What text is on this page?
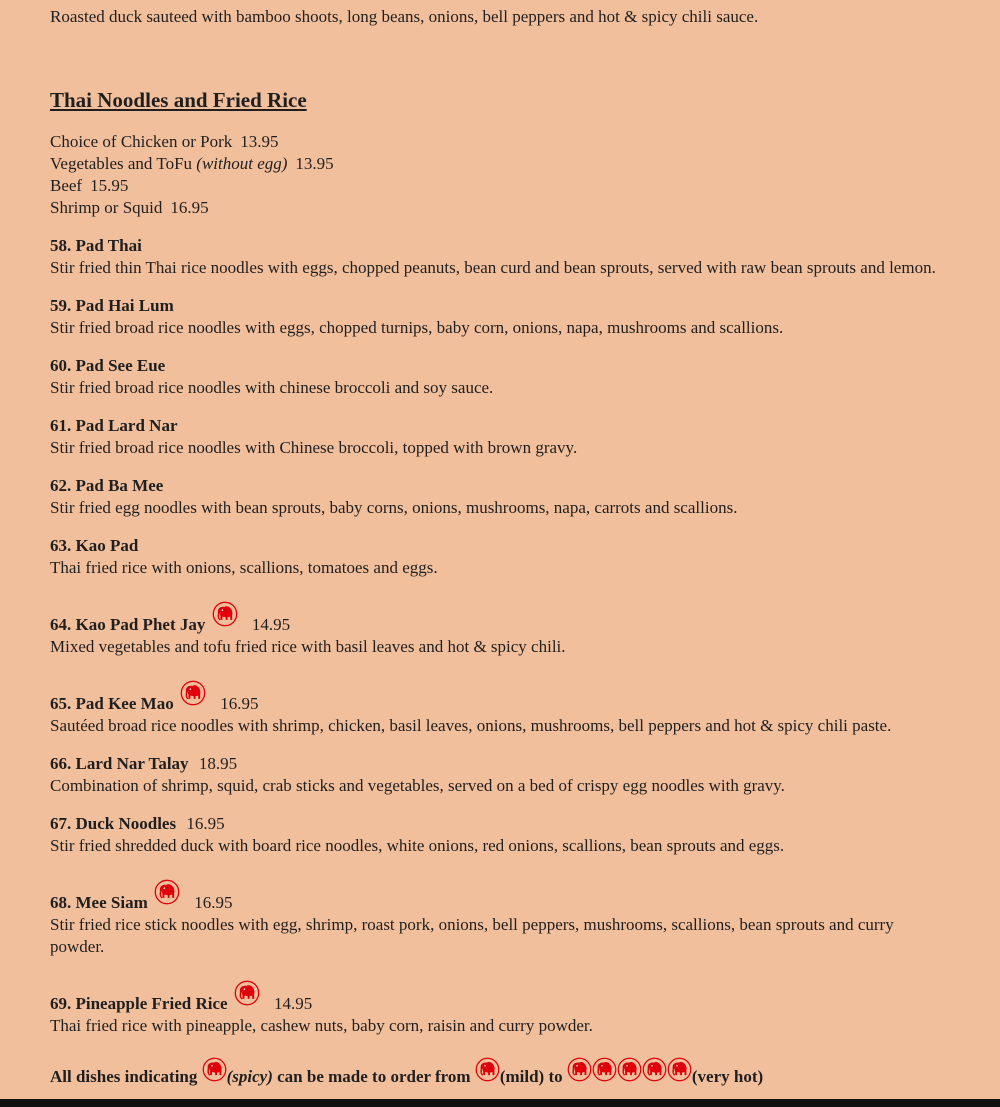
Roasted duck sauteed with bamboo shoots, long beans, onions, bell peppers and hot & spicy chili sauce.
Thai Noodles and Fried Rice
Choice of Chicken or Pork 13.95
Vegetables and ToFu (without egg) 13.95
Beef 15.95
Shrimp or Squid 16.95
58. Pad Thai
Stir fried thin Thai rice noodles with eggs, chopped peanuts, bean curd and bean sprouts, served with raw bean sprouts and lemon.
59. Pad Hai Lum
Stir fried broad rice noodles with eggs, chopped turnips, baby corn, onions, napa, mushrooms and scallions.
60. Pad See Eue
Stir fried broad rice noodles with chinese broccoli and soy sauce.
61. Pad Lard Nar
Stir fried broad rice noodles with Chinese broccoli, topped with brown gravy.
62. Pad Ba Mee
Stir fried egg noodles with bean sprouts, baby corns, onions, mushrooms, napa, carrots and scallions.
63. Kao Pad
Thai fried rice with onions, scallions, tomatoes and eggs.
64. Kao Pad Phet Jay	14.95
Mixed vegetables and tofu fried rice with basil leaves and hot & spicy chili.
65. Pad Kee Mao	16.95
Sautéed broad rice noodles with shrimp, chicken, basil leaves, onions, mushrooms, bell peppers and hot & spicy chili paste.
66. Lard Nar Talay 18.95
Combination of shrimp, squid, crab sticks and vegetables, served on a bed of crispy egg noodles with gravy.
67. Duck Noodles 16.95
Stir fried shredded duck with board rice noodles, white onions, red onions, scallions, bean sprouts and eggs.
68. Mee Siam	16.95
Stir fried rice stick noodles with egg, shrimp, roast pork, onions, bell peppers, mushrooms, scallions, bean sprouts and curry powder.
69. Pineapple Fried Rice	14.95
Thai fried rice with pineapple, cashew nuts, baby corn, raisin and curry powder.
All dishes indicating (spicy) can be made to order from (mild) to	(very hot)
